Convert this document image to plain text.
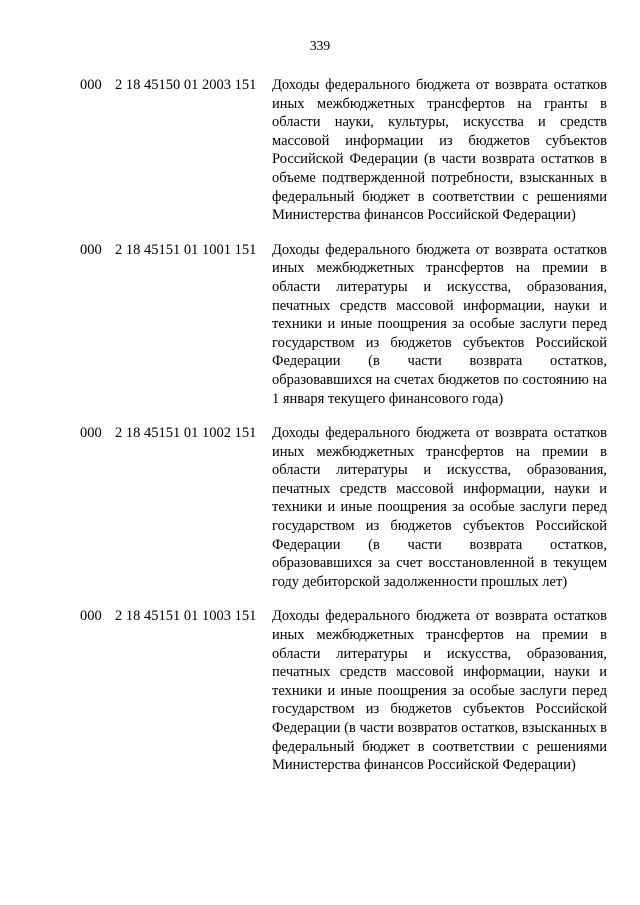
339
000 2 18 45150 01 2003 151 Доходы федерального бюджета от возврата остатков иных межбюджетных трансфертов на гранты в области науки, культуры, искусства и средств массовой информации из бюджетов субъектов Российской Федерации (в части возврата остатков в объеме подтвержденной потребности, взысканных в федеральный бюджет в соответствии с решениями Министерства финансов Российской Федерации)
000 2 18 45151 01 1001 151 Доходы федерального бюджета от возврата остатков иных межбюджетных трансфертов на премии в области литературы и искусства, образования, печатных средств массовой информации, науки и техники и иные поощрения за особые заслуги перед государством из бюджетов субъектов Российской Федерации (в части возврата остатков, образовавшихся на счетах бюджетов по состоянию на 1 января текущего финансового года)
000 2 18 45151 01 1002 151 Доходы федерального бюджета от возврата остатков иных межбюджетных трансфертов на премии в области литературы и искусства, образования, печатных средств массовой информации, науки и техники и иные поощрения за особые заслуги перед государством из бюджетов субъектов Российской Федерации (в части возврата остатков, образовавшихся за счет восстановленной в текущем году дебиторской задолженности прошлых лет)
000 2 18 45151 01 1003 151 Доходы федерального бюджета от возврата остатков иных межбюджетных трансфертов на премии в области литературы и искусства, образования, печатных средств массовой информации, науки и техники и иные поощрения за особые заслуги перед государством из бюджетов субъектов Российской Федерации (в части возвратов остатков, взысканных в федеральный бюджет в соответствии с решениями Министерства финансов Российской Федерации)
